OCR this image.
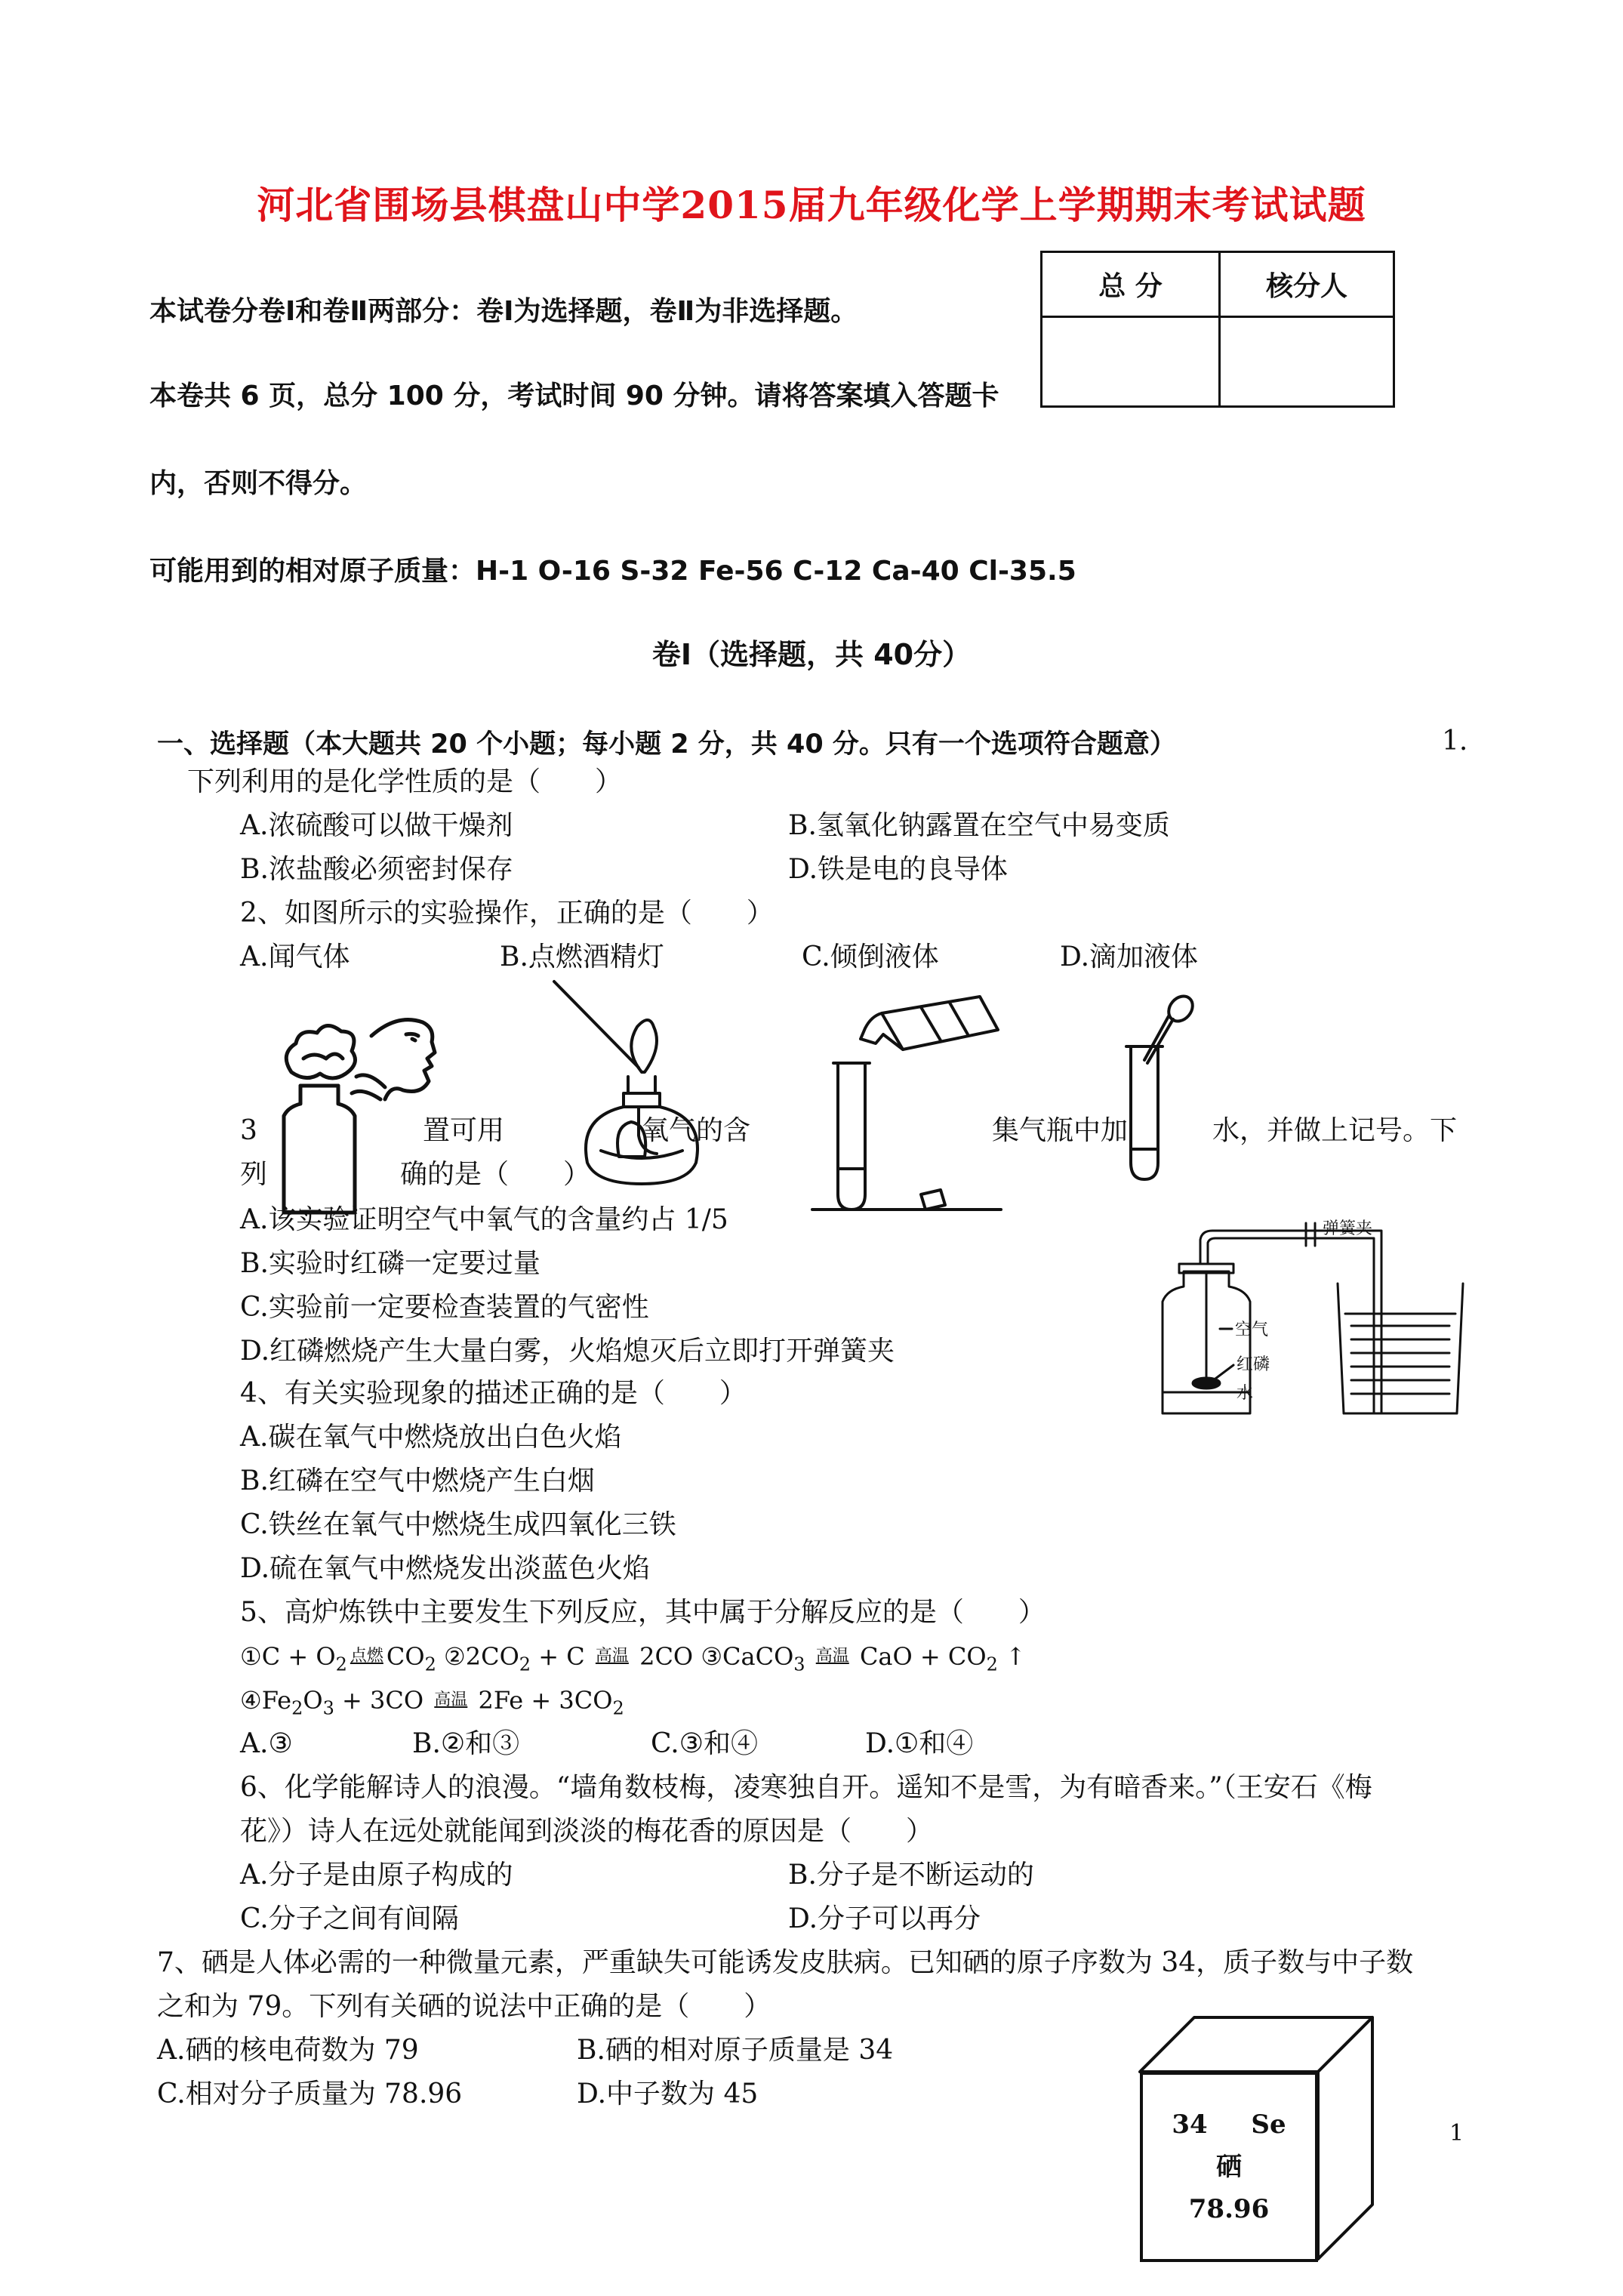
河北省围场县棋盘山中学2015届九年级化学上学期期末考试试题
本试卷分卷Ⅰ和卷Ⅱ两部分：卷Ⅰ为选择题，卷Ⅱ为非选择题。
本卷共 6 页，总分 100 分，考试时间 90 分钟。请将答案填入答题卡
内，否则不得分。
可能用到的相对原子质量：H-1 O-16 S-32 Fe-56 C-12 Ca-40 Cl-35.5
总 分	核分人
卷Ⅰ（选择题，共 40分）
一、选择题（本大题共 20 个小题；每小题 2 分，共 40 分。只有一个选项符合题意）	1.
下列利用的是化学性质的是（　　）
A.浓硫酸可以做干燥剂	B.氢氧化钠露置在空气中易变质
B.浓盐酸必须密封保存	D.铁是电的良导体
2、如图所示的实验操作，正确的是（　　）
A.闻气体	B.点燃酒精灯	C.倾倒液体	D.滴加液体
3	置可用	氧气的含	集气瓶中加	水，并做上记号。下
列	确的是（　　）
弹簧夹
空气
红磷
水
A.该实验证明空气中氧气的含量约占 1/5
B.实验时红磷一定要过量
C.实验前一定要检查装置的气密性
D.红磷燃烧产生大量白雾，火焰熄灭后立即打开弹簧夹
4、有关实验现象的描述正确的是（　　）
A.碳在氧气中燃烧放出白色火焰
B.红磷在空气中燃烧产生白烟
C.铁丝在氧气中燃烧生成四氧化三铁
D.硫在氧气中燃烧发出淡蓝色火焰
5、高炉炼铁中主要发生下列反应，其中属于分解反应的是（　　）
①C + $O_2$ 点燃 $CO_2$ $②2CO_2 + C$ 高温 2CO ③CaCO$_3$ 高温 CaO + $CO_2$ ↑
$④Fe_2O_3 + 3CO$ 高温 $2Fe + 3CO_2$
A.③	B.②和③	C.③和④	D.①和④
6、化学能解诗人的浪漫。“墙角数枝梅，凌寒独自开。遥知不是雪，为有暗香来。”（王安石《梅
花》）诗人在远处就能闻到淡淡的梅花香的原因是（　　）
A.分子是由原子构成的	B.分子是不断运动的
C.分子之间有间隔	D.分子可以再分
7、硒是人体必需的一种微量元素，严重缺失可能诱发皮肤病。已知硒的原子序数为 34，质子数与中子数
之和为 79。下列有关硒的说法中正确的是（　　）
A.硒的核电荷数为 79	B.硒的相对原子质量是 34
C.相对分子质量为 78.96	D.中子数为 45
34 Se
硒
78.96
1
